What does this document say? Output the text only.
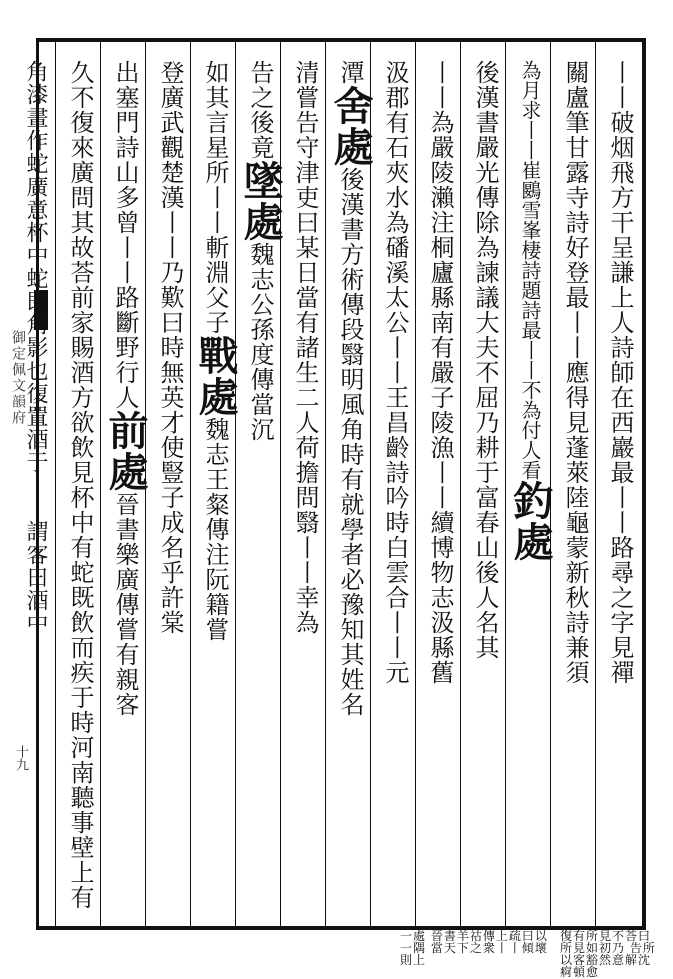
御定佩文韻府
十九
丨丨破烟飛方干呈謙上人詩師在西巖最丨丨路尋之字見禪
關盧筆甘露寺詩好登最丨丨應得見蓬萊陸龜蒙新秋詩兼須
為月求丨丨崔鶠雪峯棲詩題詩最丨丨不為付人看釣處
後漢書嚴光傳除為諫議大夫不屈乃耕于富春山後人名其
丨丨為嚴陵瀨注桐廬縣南有嚴子陵漁丨丨續博物志汲縣舊
汲郡有石夾水為磻溪太公丨丨王昌齡詩吟時白雲合丨丨元
潭舍處後漢書方術傳段翳明風角時有就學者必豫知其姓名
清嘗告守津吏曰某日當有諸生二人荷擔問翳丨丨幸為
告之後竟墜處魏志公孫度傳當沉
如其言星所丨丨斬淵父子戰處魏志王粲傳注阮籍嘗
登廣武觀楚漢丨丨乃歎曰時無英才使豎子成名乎許棠
出塞門詩山多曾丨丨路斷野行人前處晉書樂廣傳嘗有親客
久不復來廣問其故荅前家賜酒方欲飲見杯中有蛇既飲而疾于時河南聽事壁上有
角漆畫作蛇廣意杯中蛇即角影也復置酒于丨丨謂客曰酒中
復有所見不荅曰所見如初乃 告所以客豁然意解沈痾頓愈
一處 晉書羊祜傳上疏曰以一隅 當天下之衆丨丨傾壞則上
